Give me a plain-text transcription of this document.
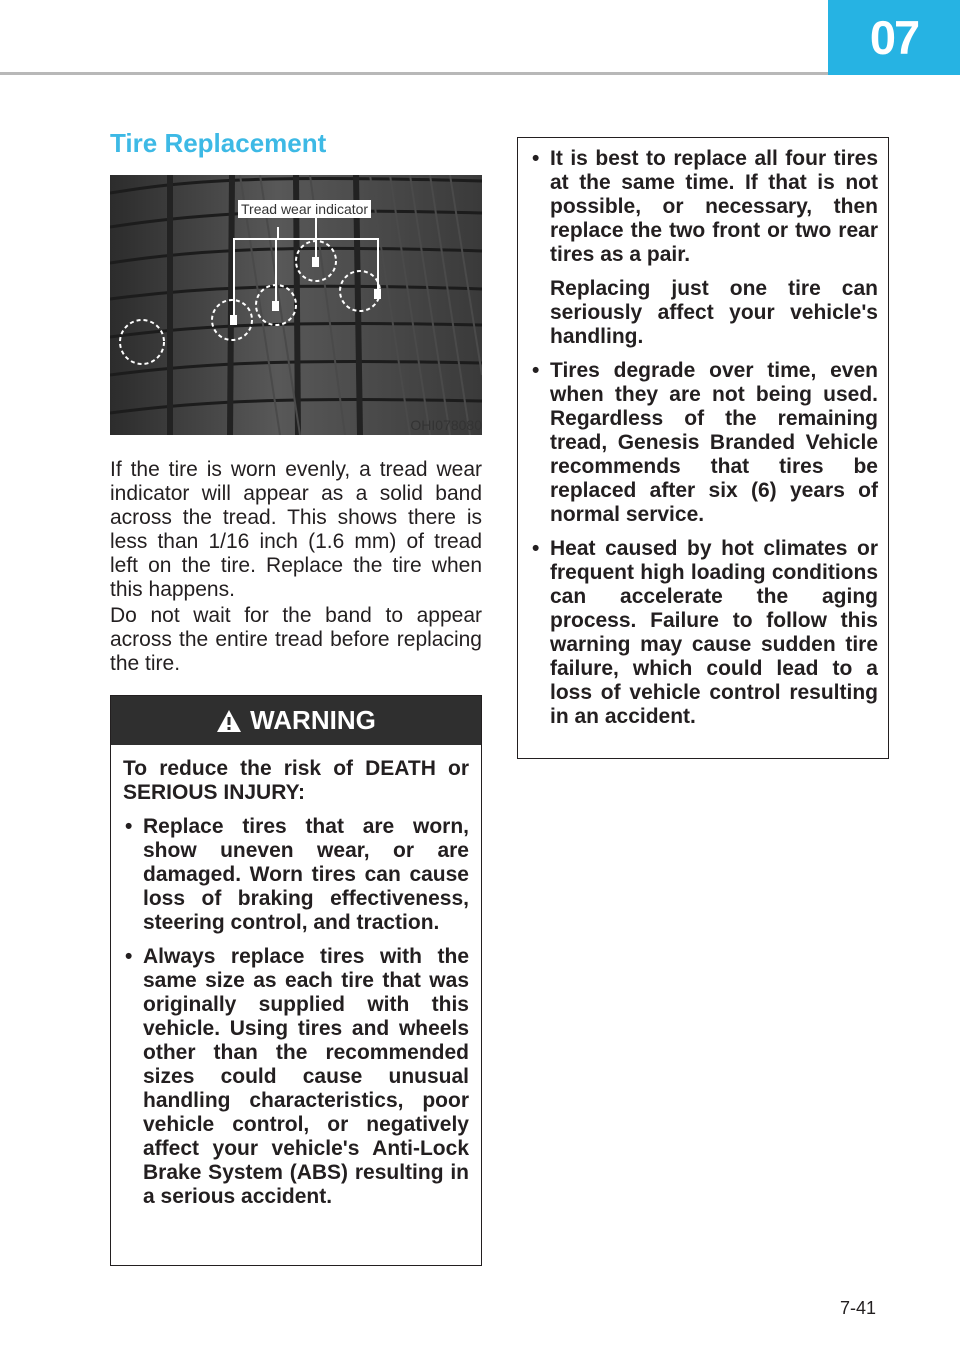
07
Tire Replacement
Tread wear indicator
OHI078080

If the tire is worn evenly, a tread wear indicator will appear as a solid band across the tread. This shows there is less than 1/16 inch (1.6 mm) of tread left on the tire. Replace the tire when this happens.

Do not wait for the band to appear across the entire tread before replacing the tire.

WARNING

To reduce the risk of DEATH or SERIOUS INJURY:

• Replace tires that are worn, show uneven wear, or are damaged. Worn tires can cause loss of braking effectiveness, steering control, and traction.

• Always replace tires with the same size as each tire that was originally supplied with this vehicle. Using tires and wheels other than the recommended sizes could cause unusual handling characteristics, poor vehicle control, or negatively affect your vehicle's Anti-Lock Brake System (ABS) resulting in a serious accident.

• It is best to replace all four tires at the same time. If that is not possible, or necessary, then replace the two front or two rear tires as a pair.

Replacing just one tire can seriously affect your vehicle's handling.

• Tires degrade over time, even when they are not being used. Regardless of the remaining tread, Genesis Branded Vehicle recommends that tires be replaced after six (6) years of normal service.

• Heat caused by hot climates or frequent high loading conditions can accelerate the aging process. Failure to follow this warning may cause sudden tire failure, which could lead to a loss of vehicle control resulting in an accident.

7-41
